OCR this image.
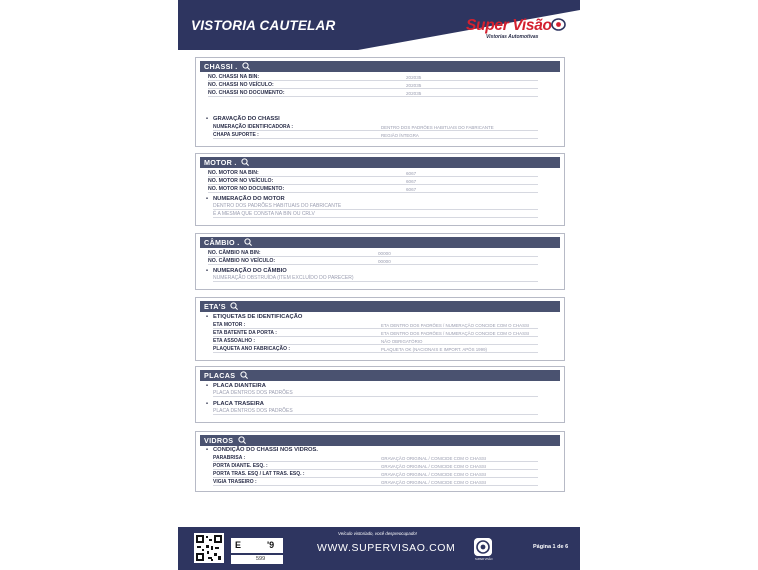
VISTORIA CAUTELAR	Super Visão
Vistorias Automotivas
CHASSI .
NO. CHASSI NA BIN:	202035
NO. CHASSI NO VEÍCULO:	202035
NO. CHASSI NO DOCUMENTO:	202035
• GRAVAÇÃO DO CHASSI
NUMERAÇÃO IDENTIFICADORA :	DENTRO DOS PADRÕES HABITUAIS DO FABRICANTE
CHAPA SUPORTE :	REGIÃO ÍNTEGRA
MOTOR .
NO. MOTOR NA BIN:	6067
NO. MOTOR NO VEÍCULO:	6067
NO. MOTOR NO DOCUMENTO:	6067
• NUMERAÇÃO DO MOTOR
DENTRO DOS PADRÕES HABITUAIS DO FABRICANTE
É A MESMA QUE CONSTA NA BIN OU CRLV
CÂMBIO .
NO. CÂMBIO NA BIN:	00000
NO. CÂMBIO NO VEÍCULO:	00000
• NUMERAÇÃO DO CÂMBIO
NUMERAÇÃO OBSTRUÍDA (ITEM EXCLUÍDO DO PARECER)
ETA'S
• ETIQUETAS DE IDENTIFICAÇÃO
ETA MOTOR :	ETA DENTRO DOS PADRÕES / NUMERAÇÃO CONCIDE COM O CHASSI
ETA BATENTE DA PORTA :	ETA DENTRO DOS PADRÕES / NUMERAÇÃO CONCIDE COM O CHASSI
ETA ASSOALHO :	NÃO OBRIGATÓRIO
PLAQUETA ANO FABRICAÇÃO :	PLAQUETA OK (NACIONAIS E IMPORT. APÓS 1999)
PLACAS
• PLACA DIANTEIRA
PLACA DENTROS DOS PADRÕES
• PLACA TRASEIRA
PLACA DENTROS DOS PADRÕES
VIDROS
• CONDIÇÃO DO CHASSI NOS VIDROS.
PARABRISA :	GRAVAÇÃO ORIGINAL / CONICIDE COM O CHASSI
PORTA DIANTE. ESQ. :	GRAVAÇÃO ORIGINAL / CONICIDE COM O CHASSI
PORTA TRAS. ESQ / LAT TRAS. ESQ. :	GRAVAÇÃO ORIGINAL / CONICIDE COM O CHASSI
VIGIA TRASEIRO :	GRAVAÇÃO ORIGINAL / CONICIDE COM O CHASSI
E	'9
599
Veículo vistoriado, você despreocupado!
WWW.SUPERVISAO.COM
SUPER VISÃO
Página 1 de 6
